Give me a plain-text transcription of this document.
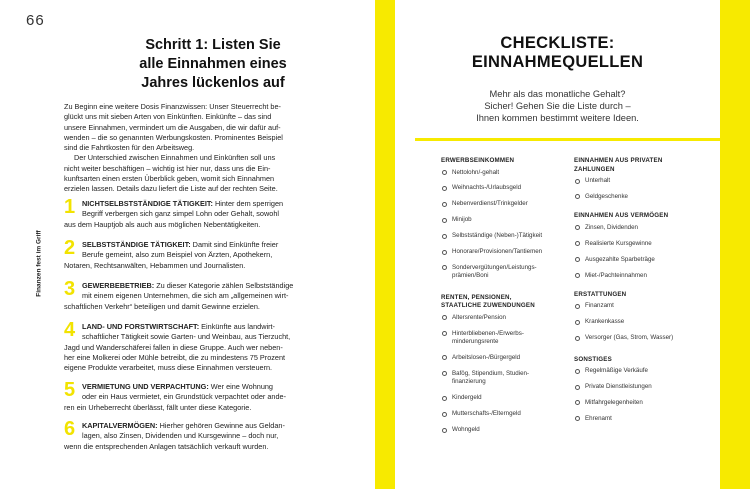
66
Finanzen fest im Griff
Schritt 1: Listen Sie
alle Einnahmen eines
Jahres lückenlos auf
Zu Beginn eine weitere Dosis Finanzwissen: Unser Steuerrecht be-
glückt uns mit sieben Arten von Einkünften. Einkünfte – das sind
unsere Einnahmen, vermindert um die Ausgaben, die wir dafür auf-
wenden – die so genannten Werbungskosten. Prominentes Beispiel
sind die Fahrtkosten für den Arbeitsweg.
Der Unterschied zwischen Einnahmen und Einkünften soll uns
nicht weiter beschäftigen – wichtig ist hier nur, dass uns die Ein-
kunftsarten einen ersten Überblick geben, womit sich Einnahmen
erzielen lassen. Details dazu liefert die Liste auf der rechten Seite.
1 NICHTSELBSTSTÄNDIGE TÄTIGKEIT: Hinter dem sperrigen
Begriff verbergen sich ganz simpel Lohn oder Gehalt, sowohl
aus dem Hauptjob als auch aus möglichen Nebentätigkeiten.
2 SELBSTSTÄNDIGE TÄTIGKEIT: Damit sind Einkünfte freier
Berufe gemeint, also zum Beispiel von Ärzten, Apothekern,
Notaren, Rechtsanwälten, Hebammen und Journalisten.
3 GEWERBEBETRIEB: Zu dieser Kategorie zählen Selbstständige
mit einem eigenen Unternehmen, die sich am „allgemeinen wirt-
schaftlichen Verkehr“ beteiligen und damit Gewinne erzielen.
4 LAND- UND FORSTWIRTSCHAFT: Einkünfte aus landwirt-
schaftlicher Tätigkeit sowie Garten- und Weinbau, aus Tierzucht,
Jagd und Wanderschäferei fallen in diese Gruppe. Auch wer neben-
her eine Molkerei oder Mühle betreibt, die zu mindestens 75 Prozent
eigene Produkte verarbeitet, muss diese Einnahmen versteuern.
5 VERMIETUNG UND VERPACHTUNG: Wer eine Wohnung
oder ein Haus vermietet, ein Grundstück verpachtet oder ande-
ren ein Urheberrecht überlässt, fällt unter diese Kategorie.
6 KAPITALVERMÖGEN: Hierher gehören Gewinne aus Geldan-
lagen, also Zinsen, Dividenden und Kursgewinne – doch nur,
wenn die entsprechenden Anlagen tatsächlich verkauft wurden.
CHECKLISTE:
EINNAHMEQUELLEN
Mehr als das monatliche Gehalt?
Sicher! Gehen Sie die Liste durch –
Ihnen kommen bestimmt weitere Ideen.
ERWERBSEINKOMMEN
Nettolohn/-gehalt
Weihnachts-/Urlaubsgeld
Nebenverdienst/Trinkgelder
Minijob
Selbstständige (Neben-)Tätigkeit
Honorare/Provisionen/Tantiemen
Sondervergütungen/Leistungs-
prämien/Boni
RENTEN, PENSIONEN,
STAATLICHE ZUWENDUNGEN
Altersrente/Pension
Hinterbliebenen-/Erwerbs-
minderungsrente
Arbeitslosen-/Bürgergeld
Bafög, Stipendium, Studien-
finanzierung
Kindergeld
Mutterschafts-/Elterngeld
Wohngeld
EINNAHMEN AUS PRIVATEN
ZAHLUNGEN
Unterhalt
Geldgeschenke
EINNAHMEN AUS VERMÖGEN
Zinsen, Dividenden
Realisierte Kursgewinne
Ausgezahlte Sparbeträge
Miet-/Pachteinnahmen
ERSTATTUNGEN
Finanzamt
Krankenkasse
Versorger (Gas, Strom, Wasser)
SONSTIGES
Regelmäßige Verkäufe
Private Dienstleistungen
Mitfahrgelegenheiten
Ehrenamt
